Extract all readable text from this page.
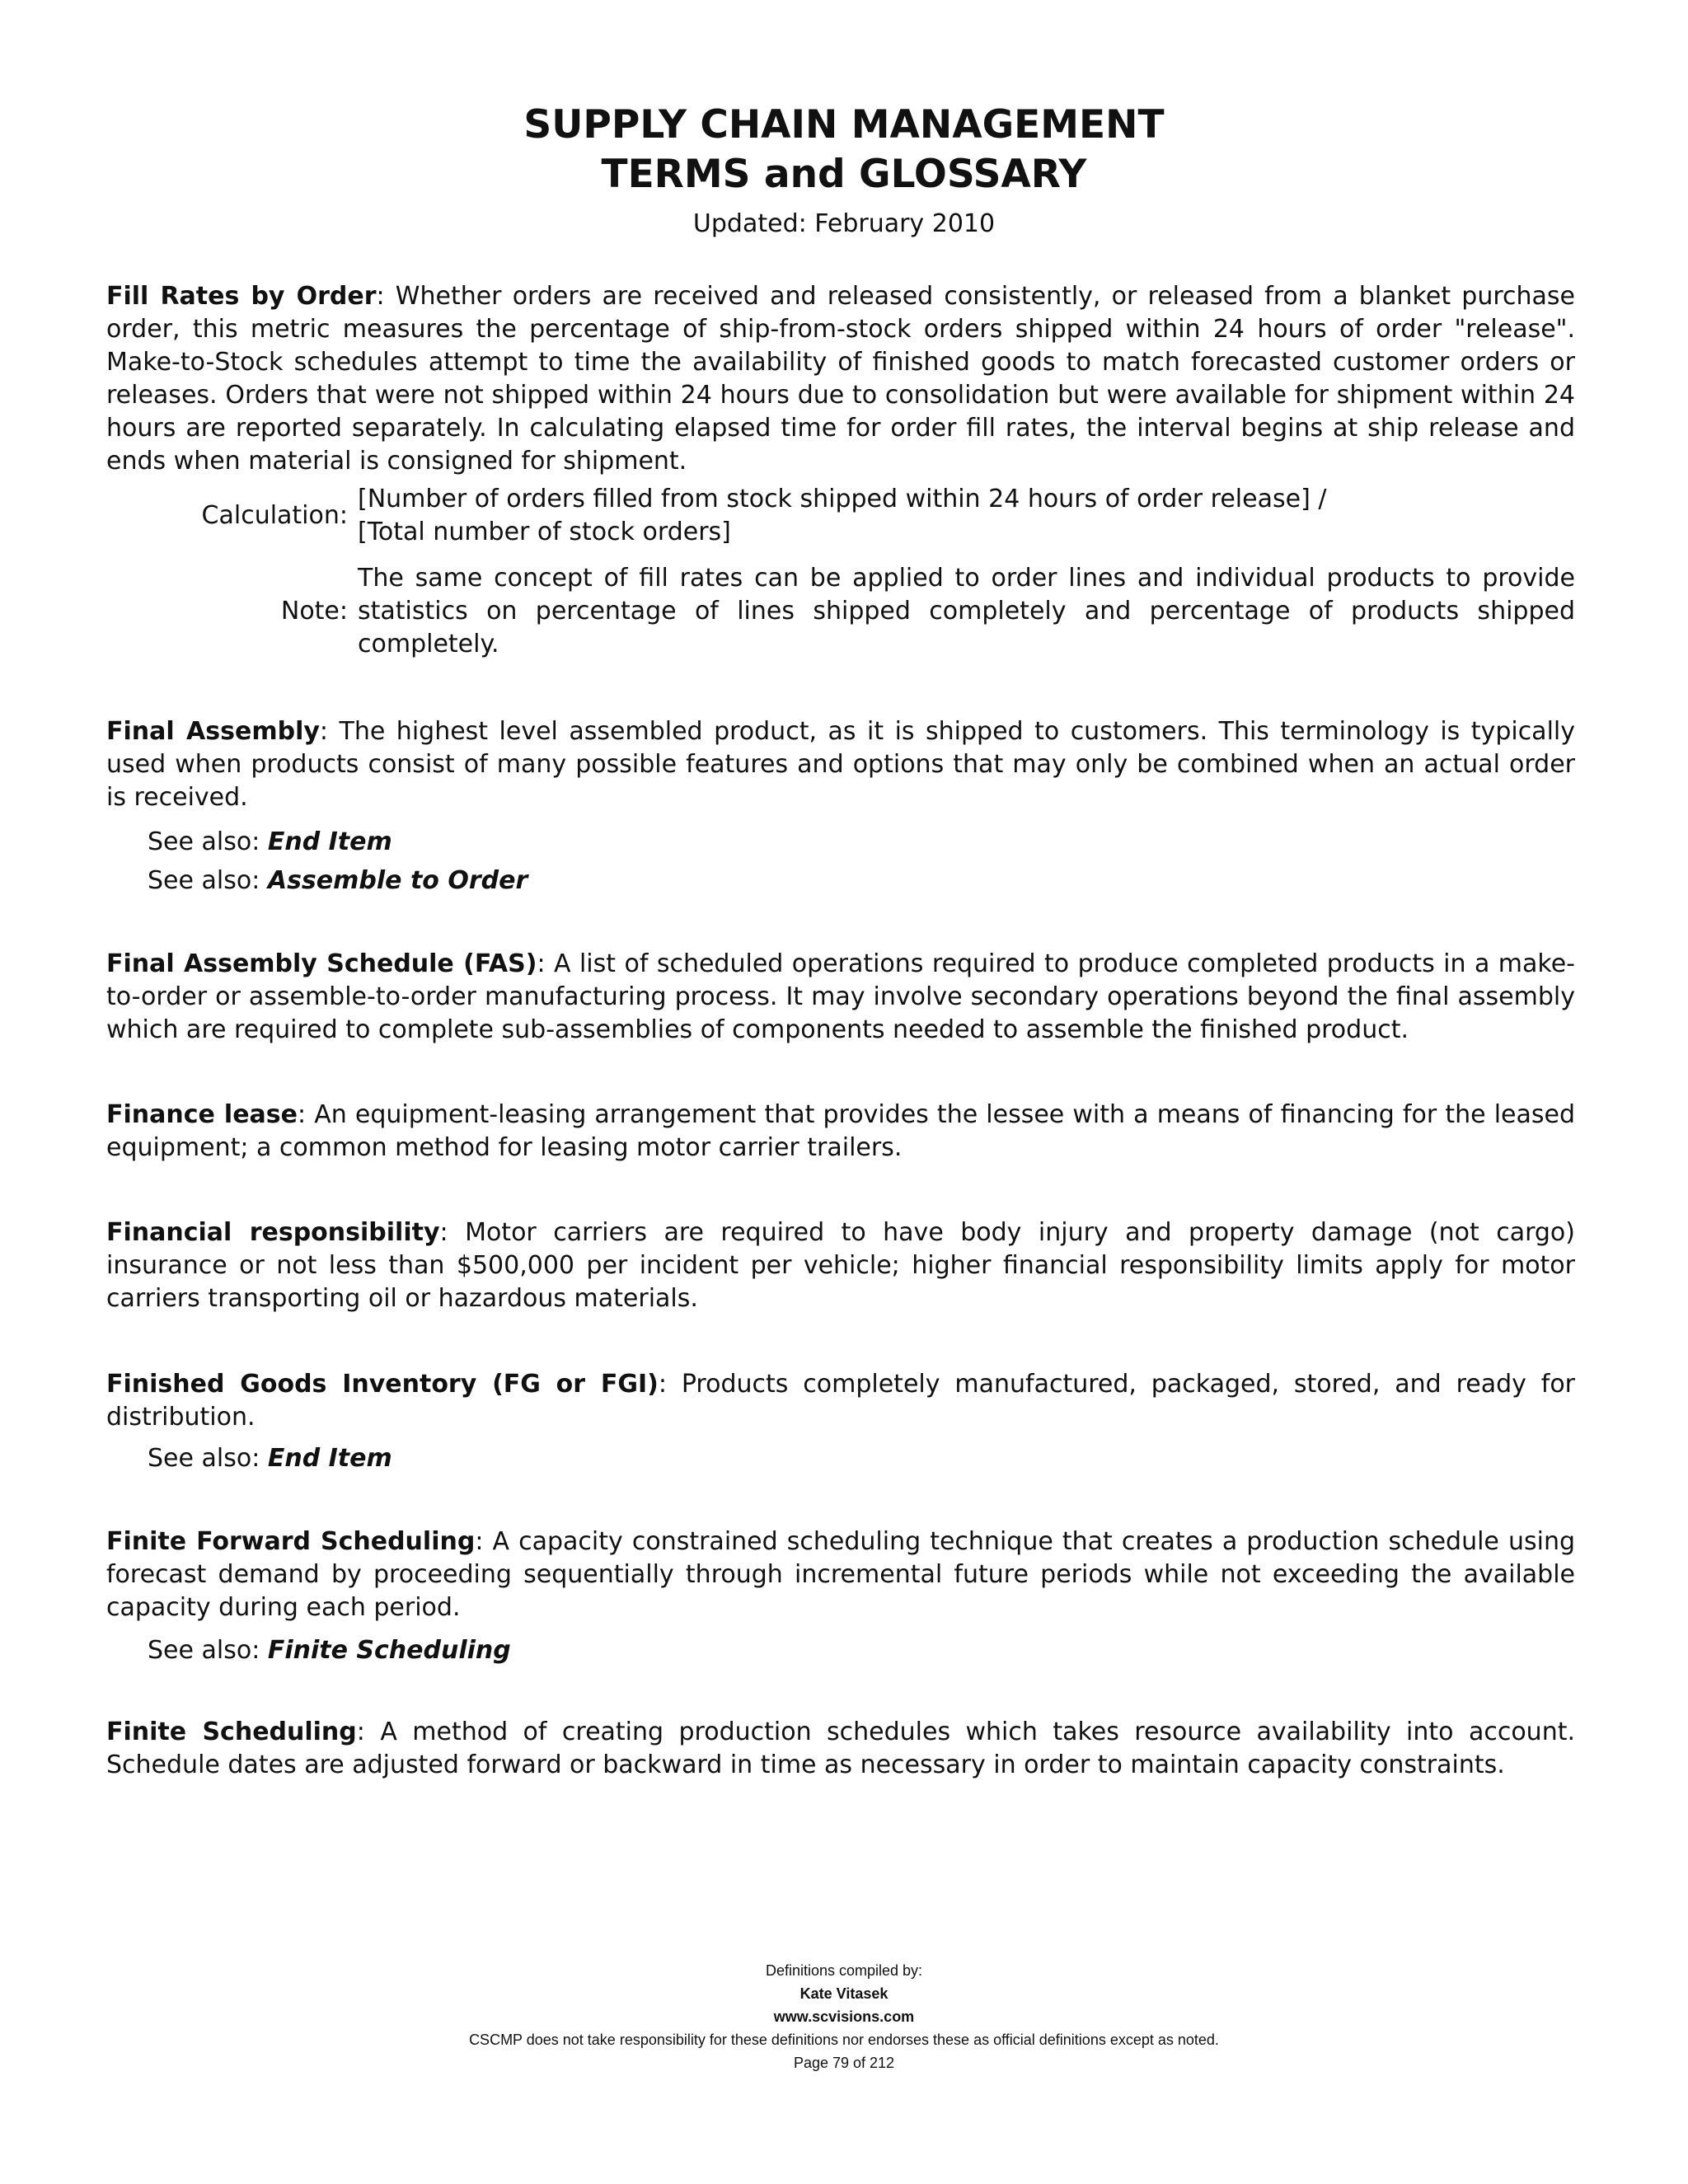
SUPPLY CHAIN MANAGEMENT
TERMS and GLOSSARY
Updated: February 2010
Fill Rates by Order: Whether orders are received and released consistently, or released from a blanket purchase order, this metric measures the percentage of ship-from-stock orders shipped within 24 hours of order "release". Make-to-Stock schedules attempt to time the availability of finished goods to match forecasted customer orders or releases. Orders that were not shipped within 24 hours due to consolidation but were available for shipment within 24 hours are reported separately. In calculating elapsed time for order fill rates, the interval begins at ship release and ends when material is consigned for shipment.
Calculation:
[Number of orders filled from stock shipped within 24 hours of order release] /
[Total number of stock orders]
Note:
The same concept of fill rates can be applied to order lines and individual products to provide statistics on percentage of lines shipped completely and percentage of products shipped completely.
Final Assembly: The highest level assembled product, as it is shipped to customers. This terminology is typically used when products consist of many possible features and options that may only be combined when an actual order is received.
See also: End Item
See also: Assemble to Order
Final Assembly Schedule (FAS): A list of scheduled operations required to produce completed products in a make-to-order or assemble-to-order manufacturing process. It may involve secondary operations beyond the final assembly which are required to complete sub-assemblies of components needed to assemble the finished product.
Finance lease: An equipment-leasing arrangement that provides the lessee with a means of financing for the leased equipment; a common method for leasing motor carrier trailers.
Financial responsibility: Motor carriers are required to have body injury and property damage (not cargo) insurance or not less than $500,000 per incident per vehicle; higher financial responsibility limits apply for motor carriers transporting oil or hazardous materials.
Finished Goods Inventory (FG or FGI): Products completely manufactured, packaged, stored, and ready for distribution.
See also: End Item
Finite Forward Scheduling: A capacity constrained scheduling technique that creates a production schedule using forecast demand by proceeding sequentially through incremental future periods while not exceeding the available capacity during each period.
See also: Finite Scheduling
Finite Scheduling: A method of creating production schedules which takes resource availability into account. Schedule dates are adjusted forward or backward in time as necessary in order to maintain capacity constraints.
Definitions compiled by:
Kate Vitasek
www.scvisions.com
CSCMP does not take responsibility for these definitions nor endorses these as official definitions except as noted.
Page 79 of 212
